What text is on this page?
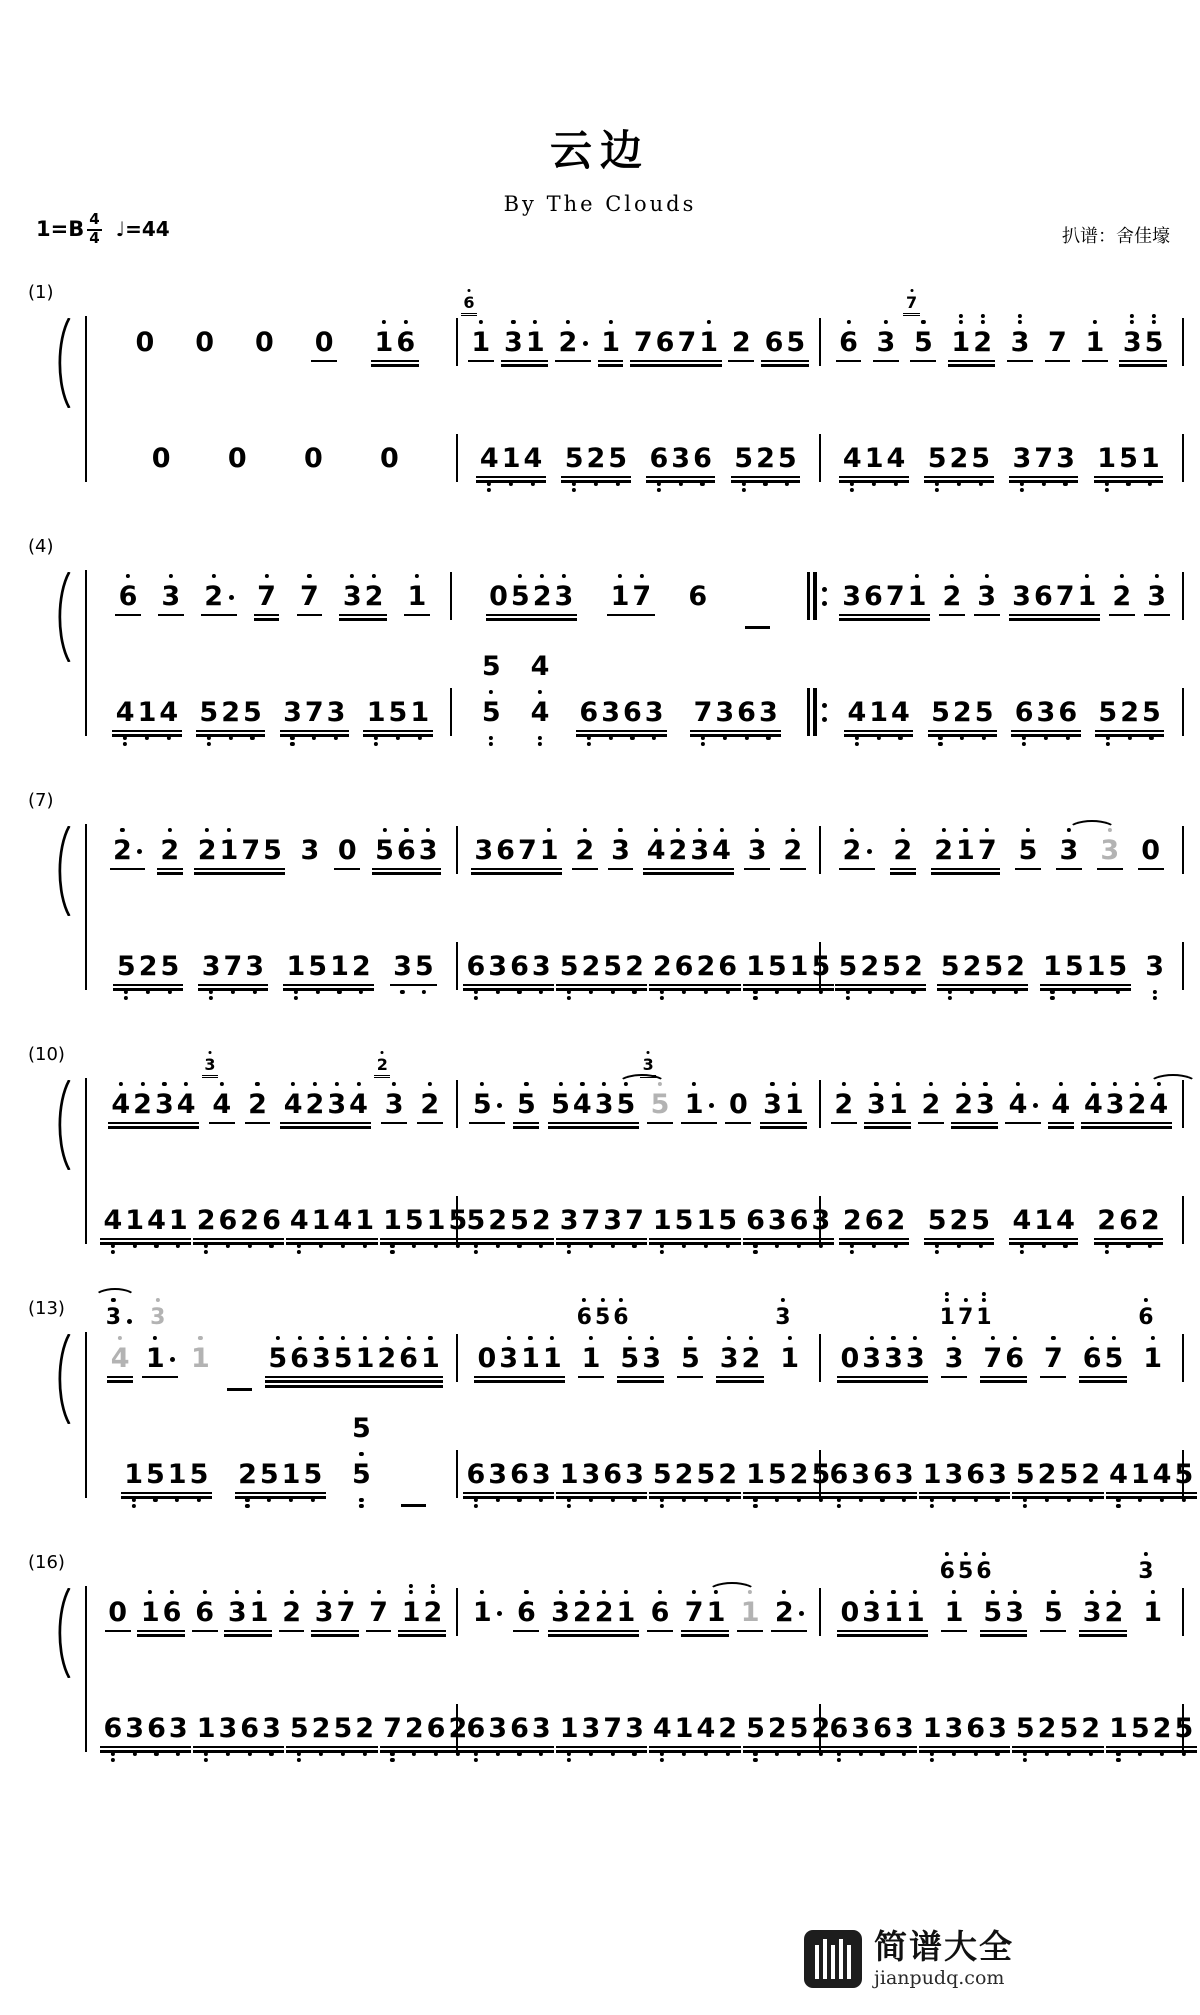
云边
By The Clouds
$1=B \frac{4}{4}$ ♩=44	扒谱：舍佳壕
(1)
0 0 0 0 1 6 1
6
3 1 2 1 7 6 7 1 2 6 5 6 3 5
7
1 2 3 7 1 3 5
0 0 0 0	4 1 4 5 2 5 6 3 6 5 2 5 4 1 4 5 2 5 3 7 3 1 5 1
(4)
6 3 2 7 7 3 2 1 0 5 2 3 1 7 6	3 6 7 1 2 3 3 6 7 1 2 3
4 1 4 5 2 5 3 7 3 1 5 1
5
5
4
4 6 3 6 3 7 3 6 3	4 1 4 5 2 5 6 3 6 5 2 5
(7)
2 2 2 1 7 5 3 0 5 6 3 3 6 7 1 2 3 4 2 3 4 3 2 2 2 2 1 7 5 3 3 0
5 2 5 3 7 3 1 5 1 2 3 5 6 3 6 3 5 2 5 2 2 6 2 6 1 5 1 5 5 2 5 2 5 2 5 2 1 5 1 5 3
(10)
4 2 3 4 4
3
2 4 2 3 4 3
2
2 5 5 5 4 3 5 5
3
1 0 3 1 2 3 1 2 2 3 4 4 4 3 2 4
4 1 4 1 2 6 2 6 4 1 4 1 1 5 1 5 5 2 5 2 3 7 3 7 1 5 1 5 6 3 6 3 2 6 2 5 2 5 4 1 4 2 6 2
(13)
4
3	3
1 1 5 6 3 5 1 2 6 1 0 3 1 1 1
6 5 6
5 3 5 3 2 1
3
0 3 3 3 3
1 7 1
7 6 7 6 5 1
6
1 5 1 5 2 5 1 5
5
5	6 3 6 3 1 3 6 3 5 2 5 2 1 5 2 5 6 3 6 3 1 3 6 3 5 2 5 2 4 1 4 5
(16)
0 1 6 6 3 1 2 3 7 7 1 2 1 6 3 2 2 1 6 7 1 1 2 0 3 1 1 1
6 5 6
5 3 5 3 2 1
3
6 3 6 3 1 3 6 3 5 2 5 2 7 2 6 2 6 3 6 3 1 3 7 3 4 1 4 2 5 2 5 2 6 3 6 3 1 3 6 3 5 2 5 2 1 5 2 5
简谱大全
jianpudq.com
